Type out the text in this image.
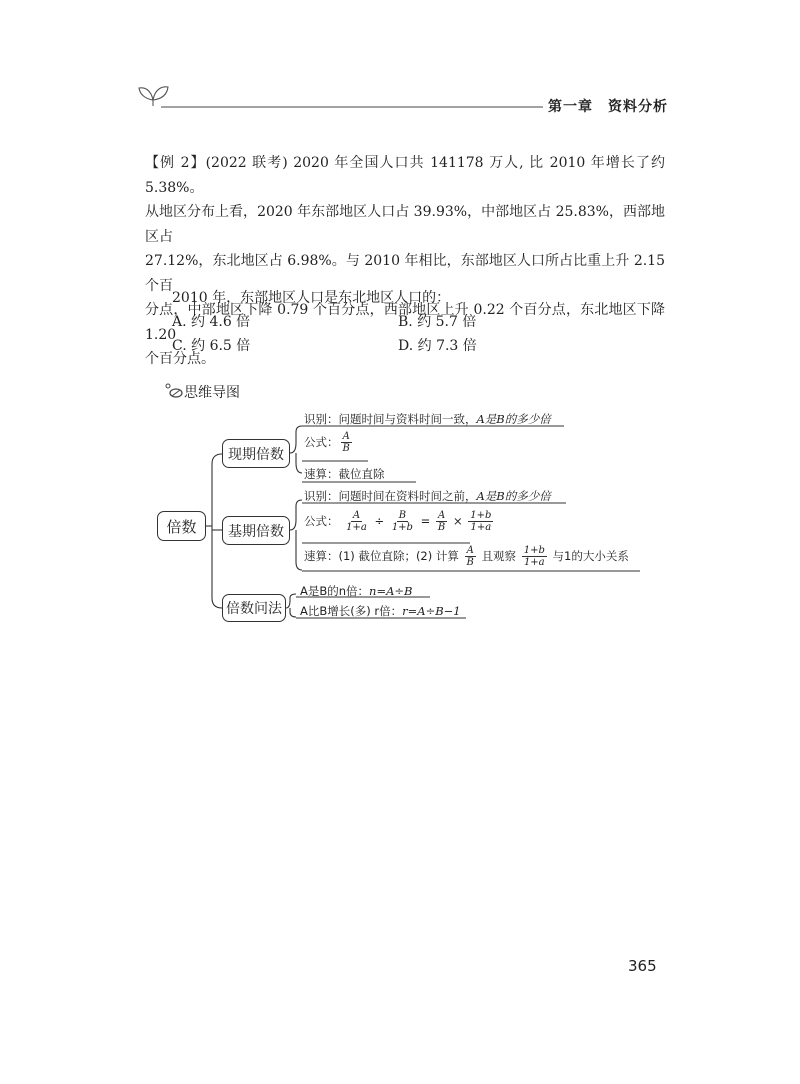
第一章　资料分析
【例 2】(2022 联考) 2020 年全国人口共 141178 万人, 比 2010 年增长了约 5.38%。
从地区分布上看，2020 年东部地区人口占 39.93%，中部地区占 25.83%，西部地区占
27.12%，东北地区占 6.98%。与 2010 年相比，东部地区人口所占比重上升 2.15 个百
分点，中部地区下降 0.79 个百分点，西部地区上升 0.22 个百分点，东北地区下降 1.20
个百分点。
2010 年，东部地区人口是东北地区人口的：
A. 约 4.6 倍	B. 约 5.7 倍
C. 约 6.5 倍	D. 约 7.3 倍
思维导图
倍数
现期倍数
基期倍数
倍数问法
识别：问题时间与资料时间一致，A是B的多少倍
公式： $\frac{A}{B}$
速算：截位直除
识别：问题时间在资料时间之前，A是B的多少倍
公式： $\frac{A}{1+a} \div \frac{B}{1+b} = \frac{A}{B} \times \frac{1+b}{1+a}$
速算：(1) 截位直除；(2) 计算 $\frac{A}{B}$ 且观察 $\frac{1+b}{1+a}$ 与1的大小关系
A是B的n倍：n=A÷B
A比B增长(多) r倍：r=A÷B−1
365
